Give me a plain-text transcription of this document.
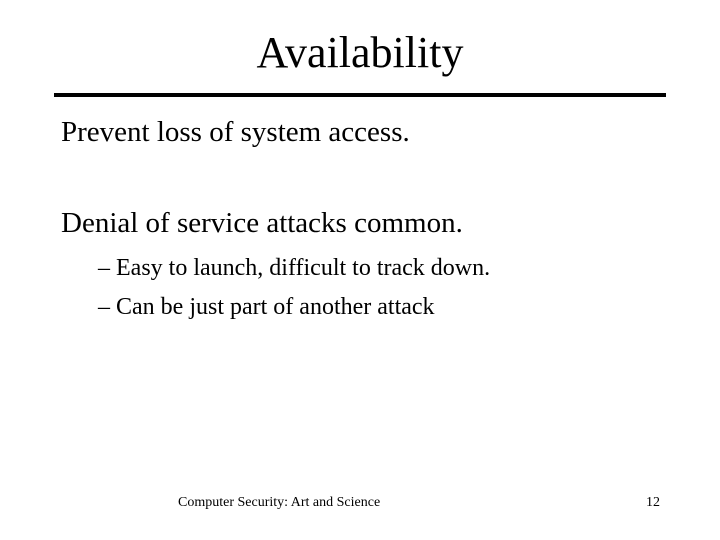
Availability
Prevent loss of system access.
Denial of service attacks common.
– Easy to launch, difficult to track down.
– Can be just part of another attack
Computer Security: Art and Science	12
